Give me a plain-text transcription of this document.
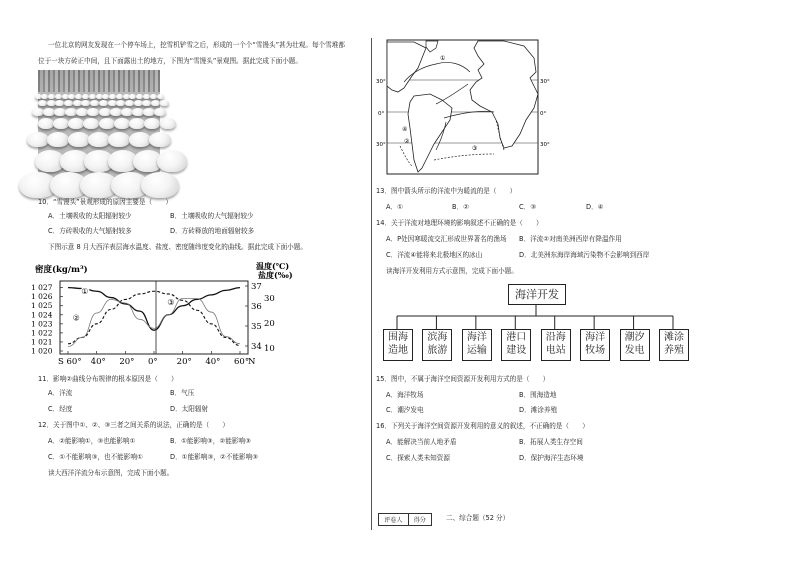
一位北京的网友发现在一个停车场上，挖雪机铲雪之后，形成的一个个“雪馒头”甚为壮观。每个雪堆都
位于一块方砖正中间，且下面露出土的地方，下图为“雪馒头”景观图。据此完成下面小题。
10．“雪馒头”景观形成的原因主要是（　　）
A．土壤吸收的太阳辐射较少	B．土壤吸收的大气辐射较少
C．方砖吸收的大气辐射较多	D．方砖释放的地面辐射较多
下图示意 8 月大西洋表层海水温度、盐度、密度随纬度变化的曲线。据此完成下面小题。
密度(kg/m³)	温度(℃)
盐度(‰)
1 027
1 026
1 025
1 024
1 023
1 022
1 021
1 020
37
36
35
34
30
20
10
S 60° 40° 20° 0° 20° 40° 60°
N
①
②
③
11．影响②曲线分布规律的根本原因是（　　）
A．洋流	B．气压
C．经度	D．太阳辐射
12．关于图中①、②、③三者之间关系的说法，正确的是（　　）
A．②能影响①，③也能影响①	B．①能影响③，②能影响③
C．①不能影响③，也不能影响①	D．①能影响③，②不能影响③
读大西洋洋流分布示意图，完成下面小题。
30°	30°
0°	0°
30°	30°
①
④
②
③
13．图中箭头所示的洋流中为暖流的是（　　）
A．①	B．②	C．③	D．④
14．关于洋流对地理环境的影响叙述不正确的是（　　）
A．P处因寒暖流交汇形成世界著名的渔场 B．洋流②对南美洲西岸有降温作用
C．洋流④能将来北极地区的冰山	D．北美洲东海岸海域污染物不会影响到西岸
读海洋开发利用方式示意图，完成下面小题。
海洋开发
围海
造地
滨海
旅游
海洋
运输
港口
建设
沿海
电站
海洋
牧场
潮汐
发电
滩涂
养殖
15．图中，不属于海洋空间资源开发利用方式的是（　　）
A．海洋牧场	B．围海造地
C．潮汐发电	D．滩涂养殖
16．下列关于海洋空间资源开发利用的意义的叙述，不正确的是（　　）
A．能解决当前人地矛盾	B．拓展人类生存空间
C．探索人类未知资源	D．保护海洋生态环境
评卷人	得分	二、综合题（52 分）
